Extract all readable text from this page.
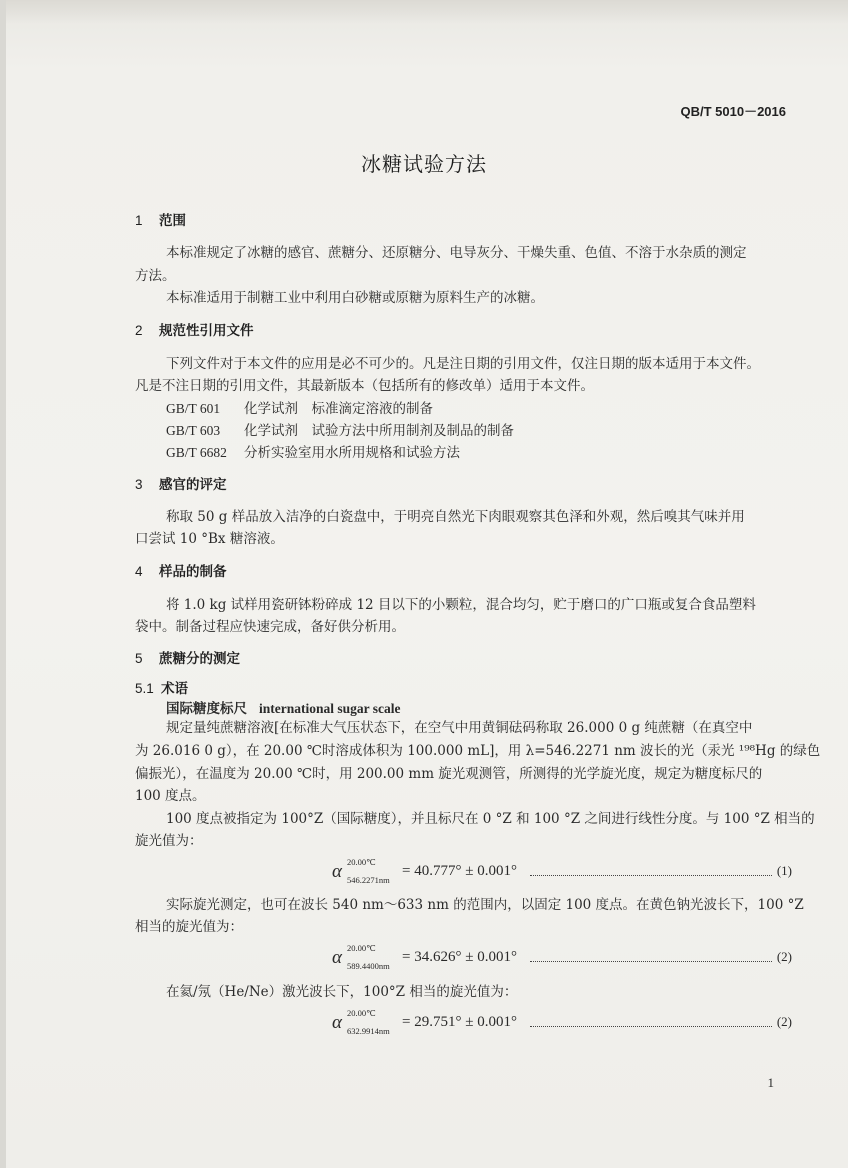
QB/T 5010－2016
冰糖试验方法
1 范围
本标准规定了冰糖的感官、蔗糖分、还原糖分、电导灰分、干燥失重、色值、不溶于水杂质的测定
方法。
本标准适用于制糖工业中利用白砂糖或原糖为原料生产的冰糖。
2 规范性引用文件
下列文件对于本文件的应用是必不可少的。凡是注日期的引用文件，仅注日期的版本适用于本文件。
凡是不注日期的引用文件，其最新版本（包括所有的修改单）适用于本文件。
GB/T 601 化学试剂　标准滴定溶液的制备
GB/T 603 化学试剂　试验方法中所用制剂及制品的制备
GB/T 6682 分析实验室用水所用规格和试验方法
3 感官的评定
称取 50 g 样品放入洁净的白瓷盘中，于明亮自然光下肉眼观察其色泽和外观，然后嗅其气味并用
口尝试 10 °Bx 糖溶液。
4 样品的制备
将 1.0 kg 试样用瓷研钵粉碎成 12 目以下的小颗粒，混合均匀，贮于磨口的广口瓶或复合食品塑料
袋中。制备过程应快速完成，备好供分析用。
5 蔗糖分的测定
5.1 术语
国际糖度标尺 international sugar scale
规定量纯蔗糖溶液[在标准大气压状态下，在空气中用黄铜砝码称取 26.000 0 g 纯蔗糖（在真空中
为 26.016 0 g），在 20.00 ℃时溶成体积为 100.000 mL]，用 λ=546.2271 nm 波长的光（汞光 ¹⁹⁸Hg 的绿色
偏振光），在温度为 20.00 ℃时，用 200.00 mm 旋光观测管，所测得的光学旋光度，规定为糖度标尺的
100 度点。
100 度点被指定为 100°Z（国际糖度），并且标尺在 0 °Z 和 100 °Z 之间进行线性分度。与 100 °Z 相当的
旋光值为：
α 20.00℃
546.2271nm
= 40.777° ± 0.001°	(1)
实际旋光测定，也可在波长 540 nm～633 nm 的范围内，以固定 100 度点。在黄色钠光波长下，100 °Z
相当的旋光值为：
α 20.00℃
589.4400nm
= 34.626° ± 0.001°	(2)
在氦/氖（He/Ne）激光波长下，100°Z 相当的旋光值为：
α 20.00℃
632.9914nm
= 29.751° ± 0.001°	(2)
1
